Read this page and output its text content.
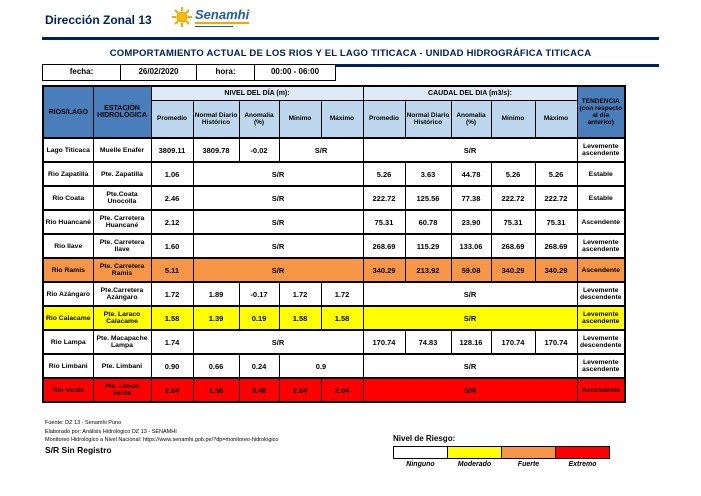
Dirección Zonal 13	Senamhi
COMPORTAMIENTO ACTUAL DE LOS RIOS Y EL LAGO TITICACA - UNIDAD HIDROGRÁFICA TITICACA
fecha:	26/02/2020	hora:	00:00 - 06:00
RIOS/LAGO	ESTACIÓN HIDROLÓGICA	NIVEL DEL DÍA (m):					CAUDAL DEL DIA (m3/s):					TENDENCIA (con respecto al día anterior)
		Promedio	Normal Diario Histórico	Anomalia (%)	Mínimo	Máximo	Promedio	Normal Diario Histórico	Anomalia (%)	Mínimo	Máximo	
Lago Titicaca	Muelle Enafer	3809.11	3809.78	-0.02	S/R		S/R					Levemente ascendente
Rio Zapatilla	Pte. Zapatilla	1.06	S/R				5.26	3.63	44.78	5.26	5.26	Estable
Rio Coata	Pte.Coata Unocolla	2.46	S/R				222.72	125.56	77.38	222.72	222.72	Estable
Rio Huancané	Pte. Carretera Huancané	2.12	S/R				75.31	60.78	23.90	75.31	75.31	Ascendente
Rio Ilave	Pte. Carretera Ilave	1.60	S/R				268.69	115.29	133.06	268.69	268.69	Levemente ascendente
Rio Ramis	Pte. Carretera Ramis	5.11	S/R				340.29	213.92	59.08	340.29	340.29	Ascendente
Rio Azángaro	Pte.Carretera Azángaro	1.72	1.89	-0.17	1.72	1.72	S/R					Levemente descendente
Rio Calacame	Pte. Laraco Calacame	1.58	1.39	0.19	1.58	1.58	S/R					Levemente ascendente
Rio Lampa	Pte. Macapache Lampa	1.74	S/R				170.74	74.83	128.16	170.74	170.74	Levemente descendente
Rio Limbani	Pte. Limbani	0.90	0.66	0.24	0.9		S/R					Levemente ascendente
Rio Verde	Pte. Limón Verde	2.04	1.56	0.48	2.04	2.04	S/R					Ascendente
Fuente: DZ 13 - Senamhi Puno
Elaborado por: Análisis Hidrológico DZ 13 - SENAMHI
Monitoreo Hidrológico a Nivel Nacional: https://www.senamhi.gob.pe/?dp=monitoreo-hidrologico
S/R Sin Registro
Nivel de Riesgo:
Ninguno	Moderado	Fuerte	Extremo
